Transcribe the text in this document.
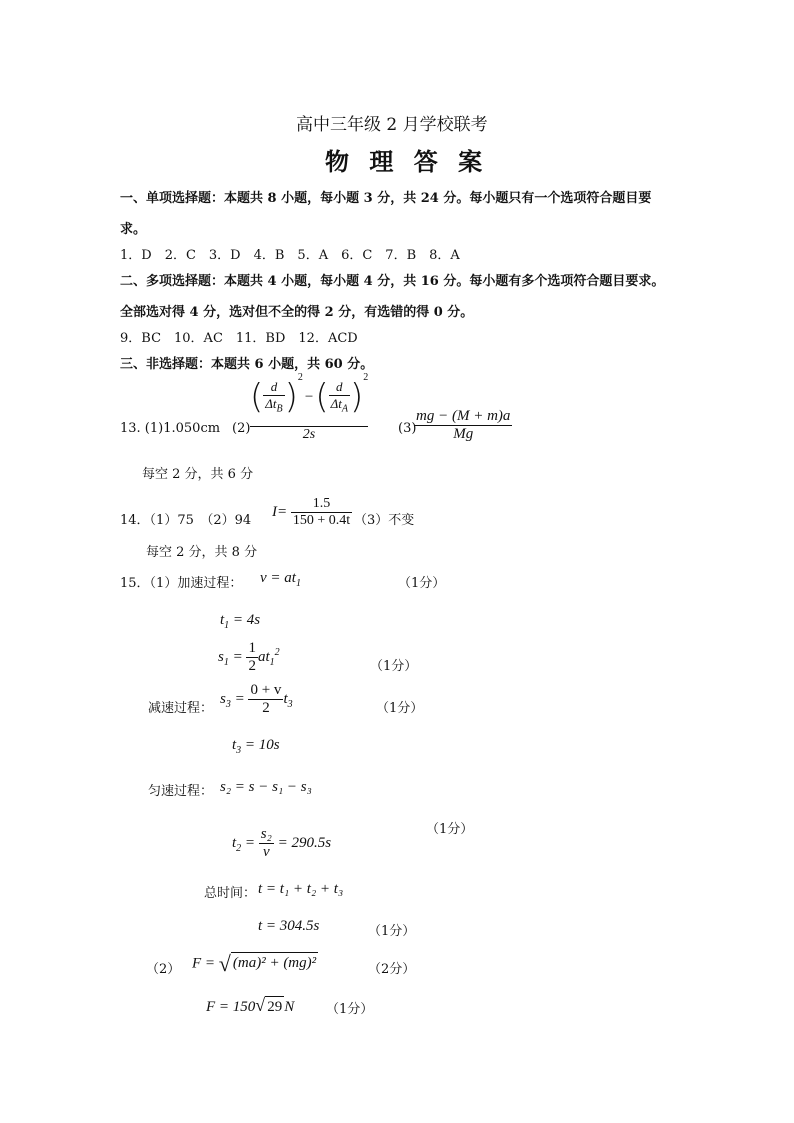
高中三年级 2 月学校联考
物 理 答 案
一、单项选择题：本题共 8 小题，每小题 3 分，共 24 分。每小题只有一个选项符合题目要
求。
1．D　2．C　3．D　4．B　5．A　6．C　7．B　8．A
二、多项选择题：本题共 4 小题，每小题 4 分，共 16 分。每小题有多个选项符合题目要求。
全部选对得 4 分，选对但不全的得 2 分，有选错的得 0 分。
9．BC　10．AC　11．BD　12．ACD
三、非选择题：本题共 6 小题，共 60 分。
13. (1)1.050cm (2)
( $\frac{d}{\Delta t_B} )^2$
− ( $\frac{d}{\Delta t_A} )^2$
2s	(3)
$\frac{mg - (M + m)a}{Mg}$
每空 2 分，共 6 分
14．（1）75　（2）94
$I= \frac{1.5}{150 + 0.4t} (3)$不变
每空 2 分，共 8 分
15．（1）加速过程： $v = at_1$	（1分）
$t_1 = 4s$
$s_1 = \frac{1}{2} at_1^2$
（1分）
减速过程：
$s_3 = \frac{0 + v}{2} t_3$	（1分）
$t_3 = 10s$
匀速过程： s₂ = s − s₁ − s₃
（1分）
$t_2 = \frac{\text{s₂}}{v} = 290.5s$
总时间： t = t₁ + t₂ + t₃
t = 304.5s	（1分）
（2） F = √ (ma)² + (mg)²	（2分）
F = 150√ 29 N （1分）
